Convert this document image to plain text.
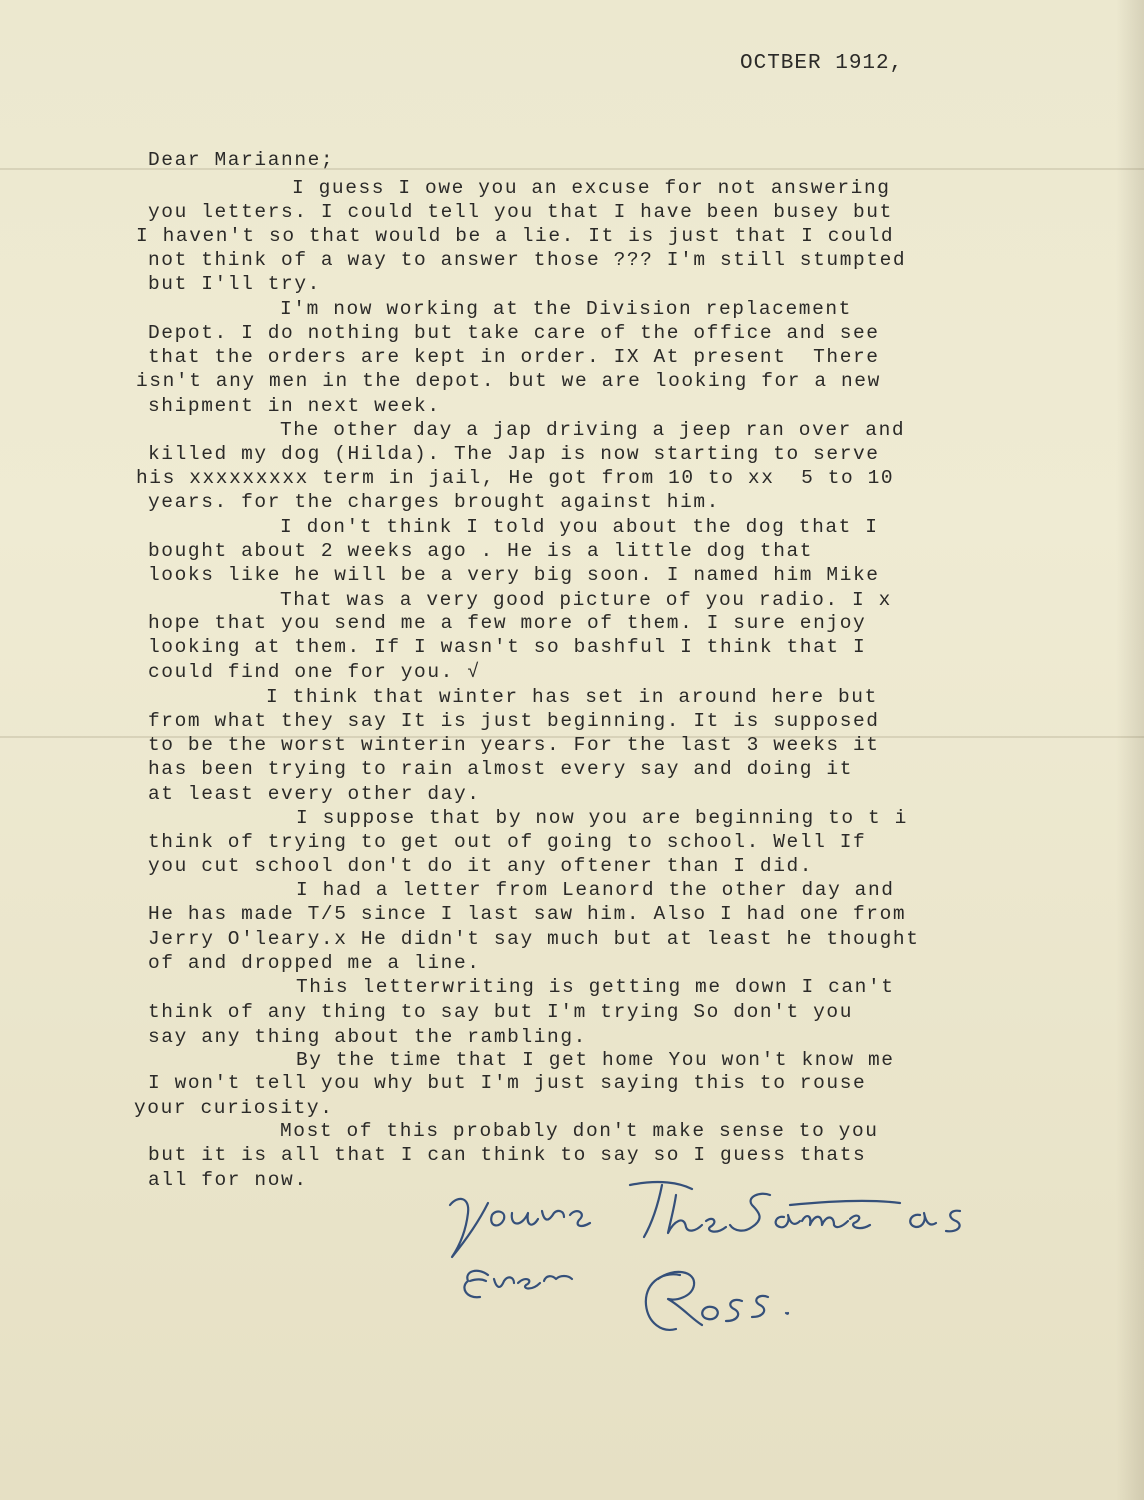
OCTBER 1912,
Dear Marianne;
I guess I owe you an excuse for not answering
you letters. I could tell you that I have been busey but
I haven't so that would be a lie. It is just that I could
not think of a way to answer those ??? I'm still stumpted
but I'll try.
I'm now working at the Division replacement
Depot. I do nothing but take care of the office and see
that the orders are kept in order. IX At present  There
isn't any men in the depot. but we are looking for a new
shipment in next week.
The other day a jap driving a jeep ran over and
killed my dog (Hilda). The Jap is now starting to serve
his xxxxxxxxx term in jail, He got from 10 to xx  5 to 10
years. for the charges brought against him.
I don't think I told you about the dog that I
bought about 2 weeks ago . He is a little dog that
looks like he will be a very big soon. I named him Mike
That was a very good picture of you radio. I x
hope that you send me a few more of them. I sure enjoy
looking at them. If I wasn't so bashful I think that I
could find one for you. √
I think that winter has set in around here but
from what they say It is just beginning. It is supposed
to be the worst winterin years. For the last 3 weeks it
has been trying to rain almost every say and doing it
at least every other day.
I suppose that by now you are beginning to t i
think of trying to get out of going to school. Well If
you cut school don't do it any oftener than I did.
I had a letter from Leanord the other day and
He has made T/5 since I last saw him. Also I had one from
Jerry O'leary.x He didn't say much but at least he thought
of and dropped me a line.
This letterwriting is getting me down I can't
think of any thing to say but I'm trying So don't you
say any thing about the rambling.
By the time that I get home You won't know me
I won't tell you why but I'm just saying this to rouse
your curiosity.
Most of this probably don't make sense to you
but it is all that I can think to say so I guess thats
all for now.
